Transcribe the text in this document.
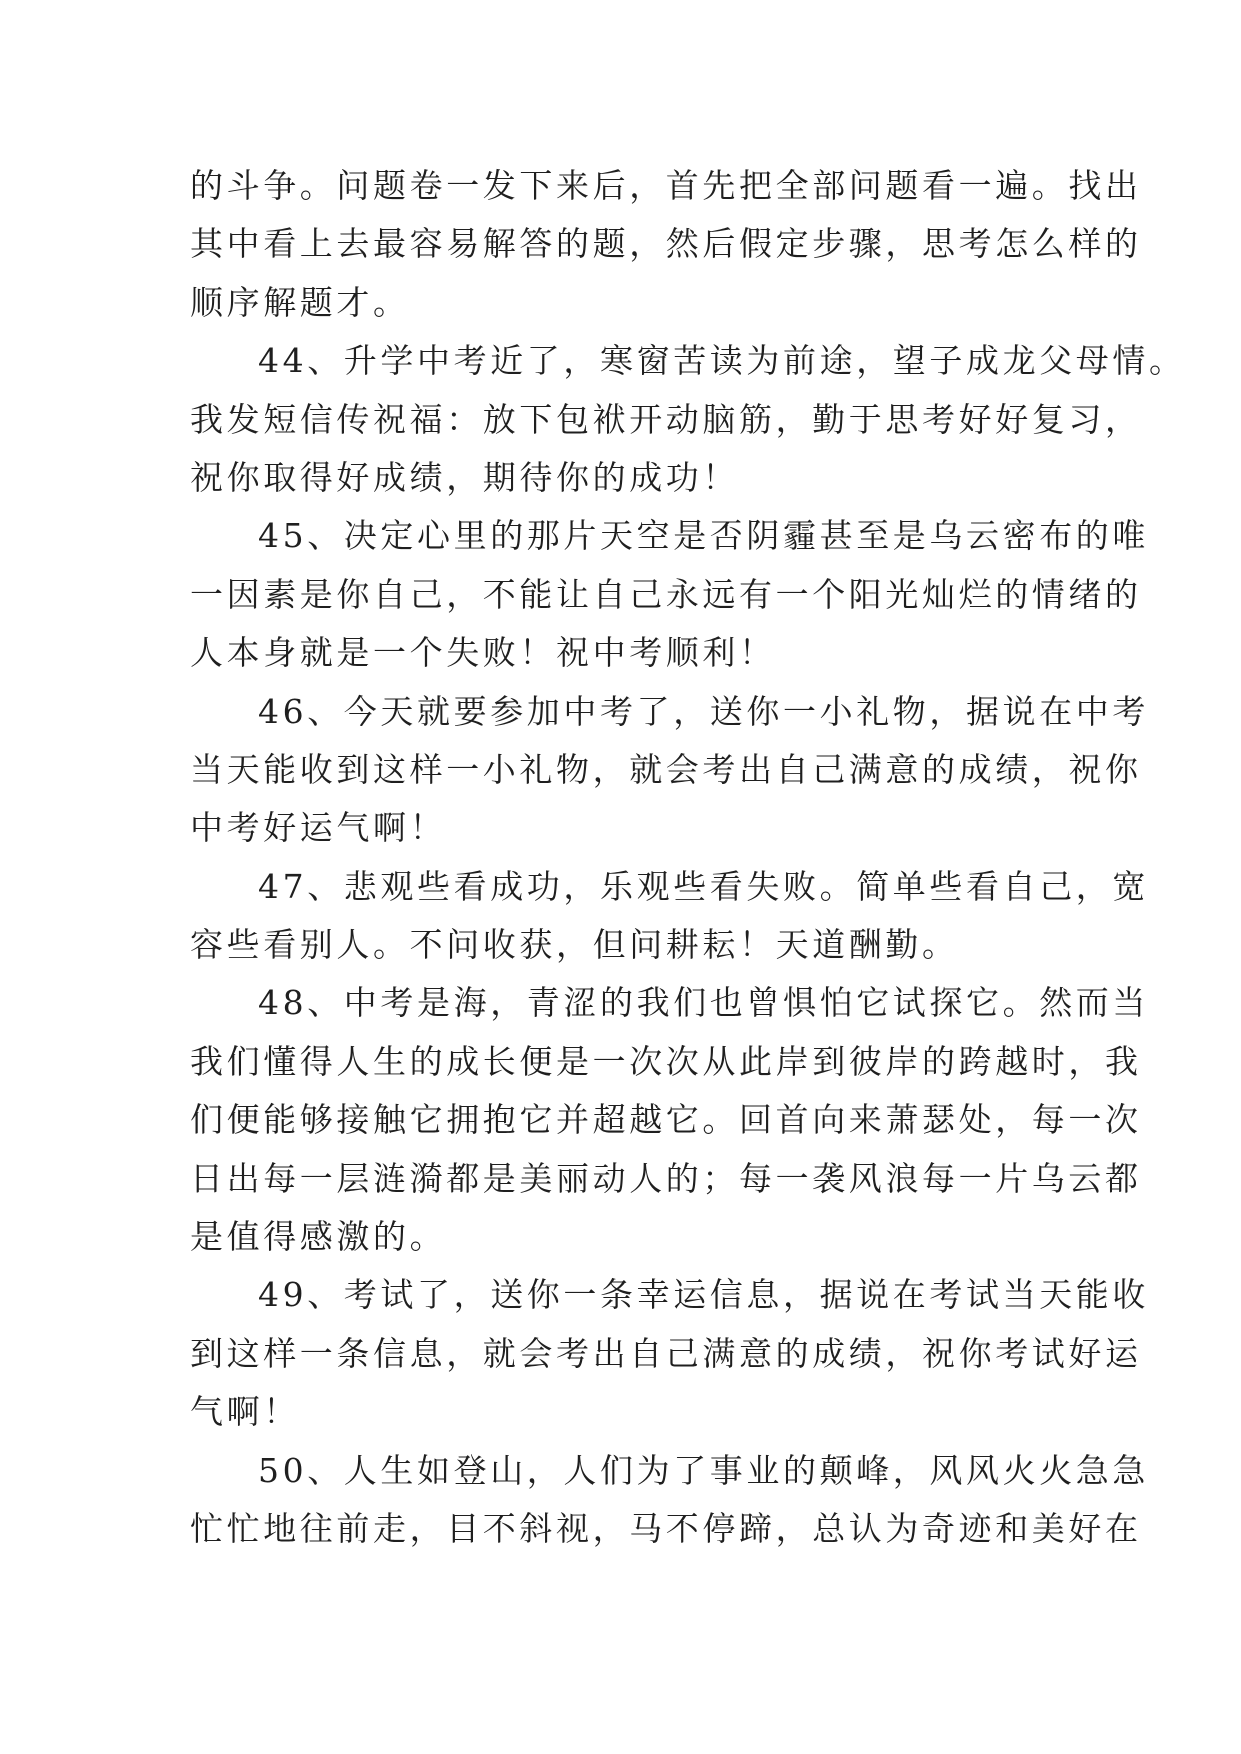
的斗争。问题卷一发下来后，首先把全部问题看一遍。找出
其中看上去最容易解答的题，然后假定步骤，思考怎么样的
顺序解题才。
44、升学中考近了，寒窗苦读为前途，望子成龙父母情。
我发短信传祝福：放下包袱开动脑筋，勤于思考好好复习，
祝你取得好成绩，期待你的成功！
45、决定心里的那片天空是否阴霾甚至是乌云密布的唯
一因素是你自己，不能让自己永远有一个阳光灿烂的情绪的
人本身就是一个失败！祝中考顺利！
46、今天就要参加中考了，送你一小礼物，据说在中考
当天能收到这样一小礼物，就会考出自己满意的成绩，祝你
中考好运气啊！
47、悲观些看成功，乐观些看失败。简单些看自己，宽
容些看别人。不问收获，但问耕耘！天道酬勤。
48、中考是海，青涩的我们也曾惧怕它试探它。然而当
我们懂得人生的成长便是一次次从此岸到彼岸的跨越时，我
们便能够接触它拥抱它并超越它。回首向来萧瑟处，每一次
日出每一层涟漪都是美丽动人的；每一袭风浪每一片乌云都
是值得感激的。
49、考试了，送你一条幸运信息，据说在考试当天能收
到这样一条信息，就会考出自己满意的成绩，祝你考试好运
气啊！
50、人生如登山，人们为了事业的颠峰，风风火火急急
忙忙地往前走，目不斜视，马不停蹄，总认为奇迹和美好在
